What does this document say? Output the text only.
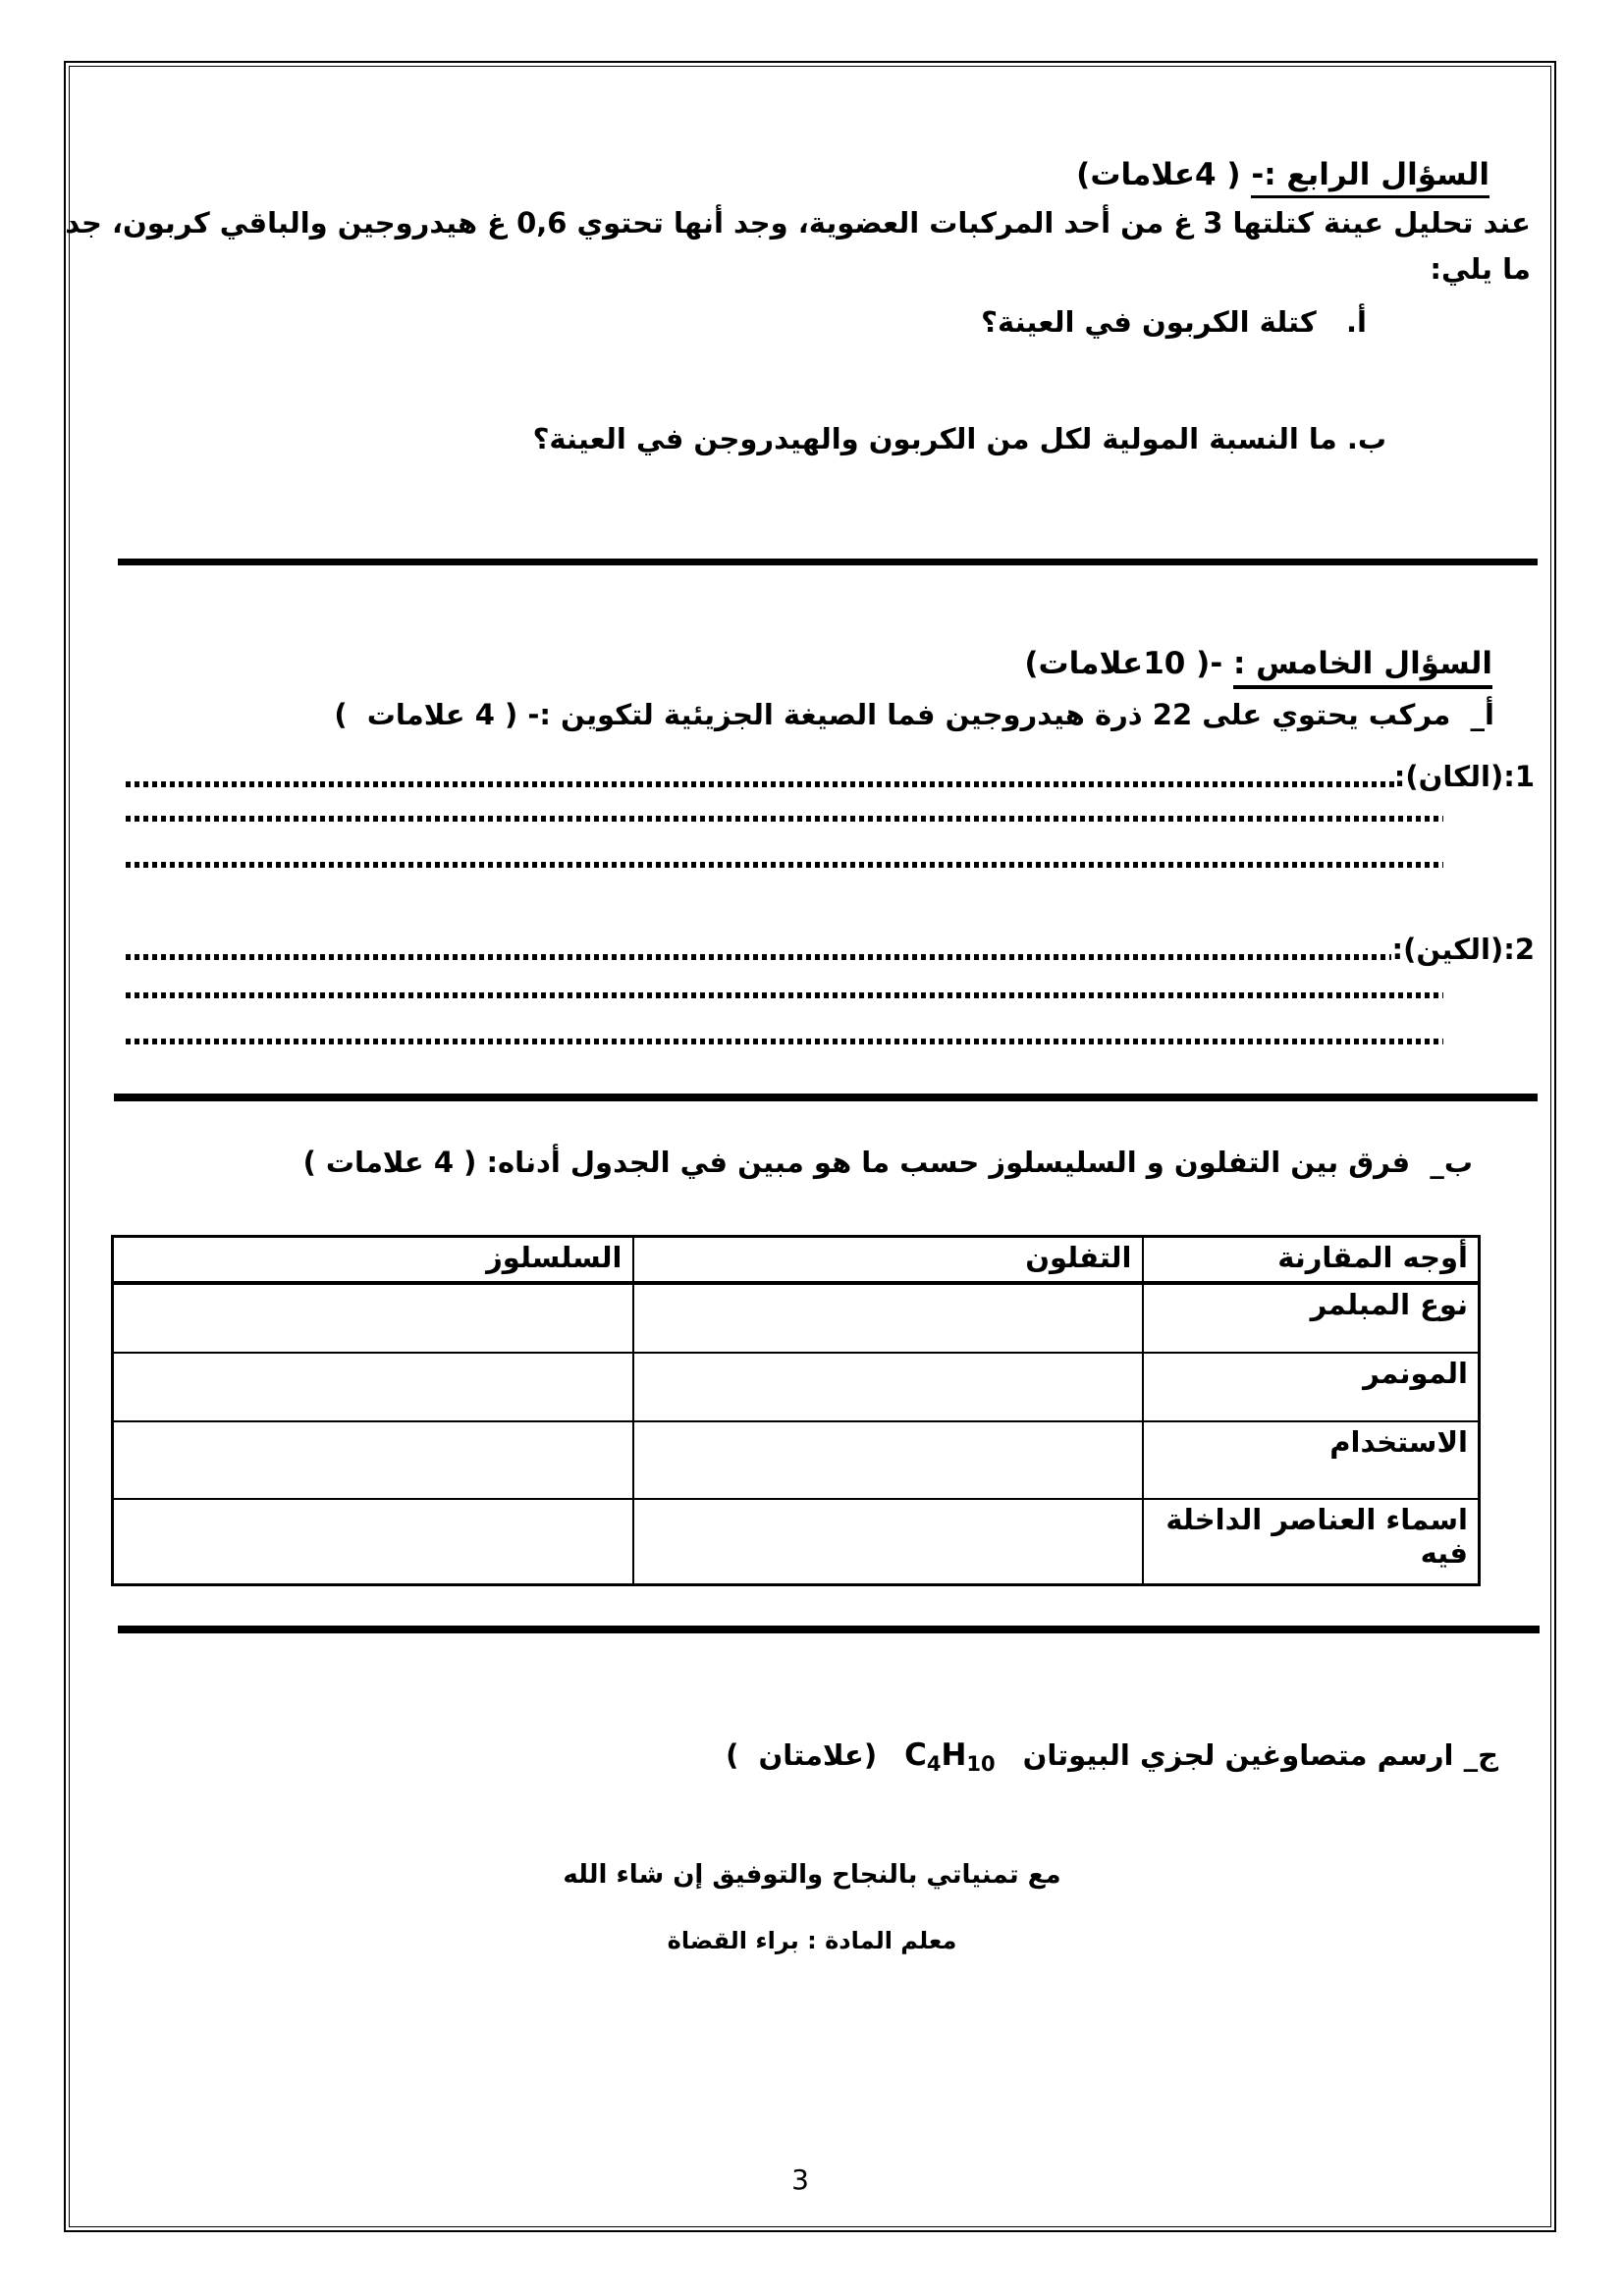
السؤال الرابع :- ( 4علامات)
عند تحليل عينة كتلتها 3 غ من أحد المركبات العضوية، وجد أنها تحتوي 0,6 غ هيدروجين والباقي كربون، جد
ما يلي:
أ.   كتلة الكربون في العينة؟
ب. ما النسبة المولية لكل من الكربون والهيدروجن في العينة؟
السؤال الخامس : -( 10علامات)
أ_  مركب يحتوي على 22 ذرة هيدروجين فما الصيغة الجزيئية لتكوين :- ( 4 علامات  )
1:(الكان):
2:(الكين):
ب_  فرق بين التفلون و السليسلوز حسب ما هو مبين في الجدول أدناه: ( 4 علامات )
أوجه المقارنة	التفلون	السلسلوز
نوع المبلمر		
المونمر		
الاستخدام		
اسماء العناصر الداخلة فيه		
ج_ ارسم متصاوغين لجزي البيوتانC4H10(علامتان  )
مع تمنياتي بالنجاح والتوفيق إن شاء الله
معلم المادة : براء القضاة
3
